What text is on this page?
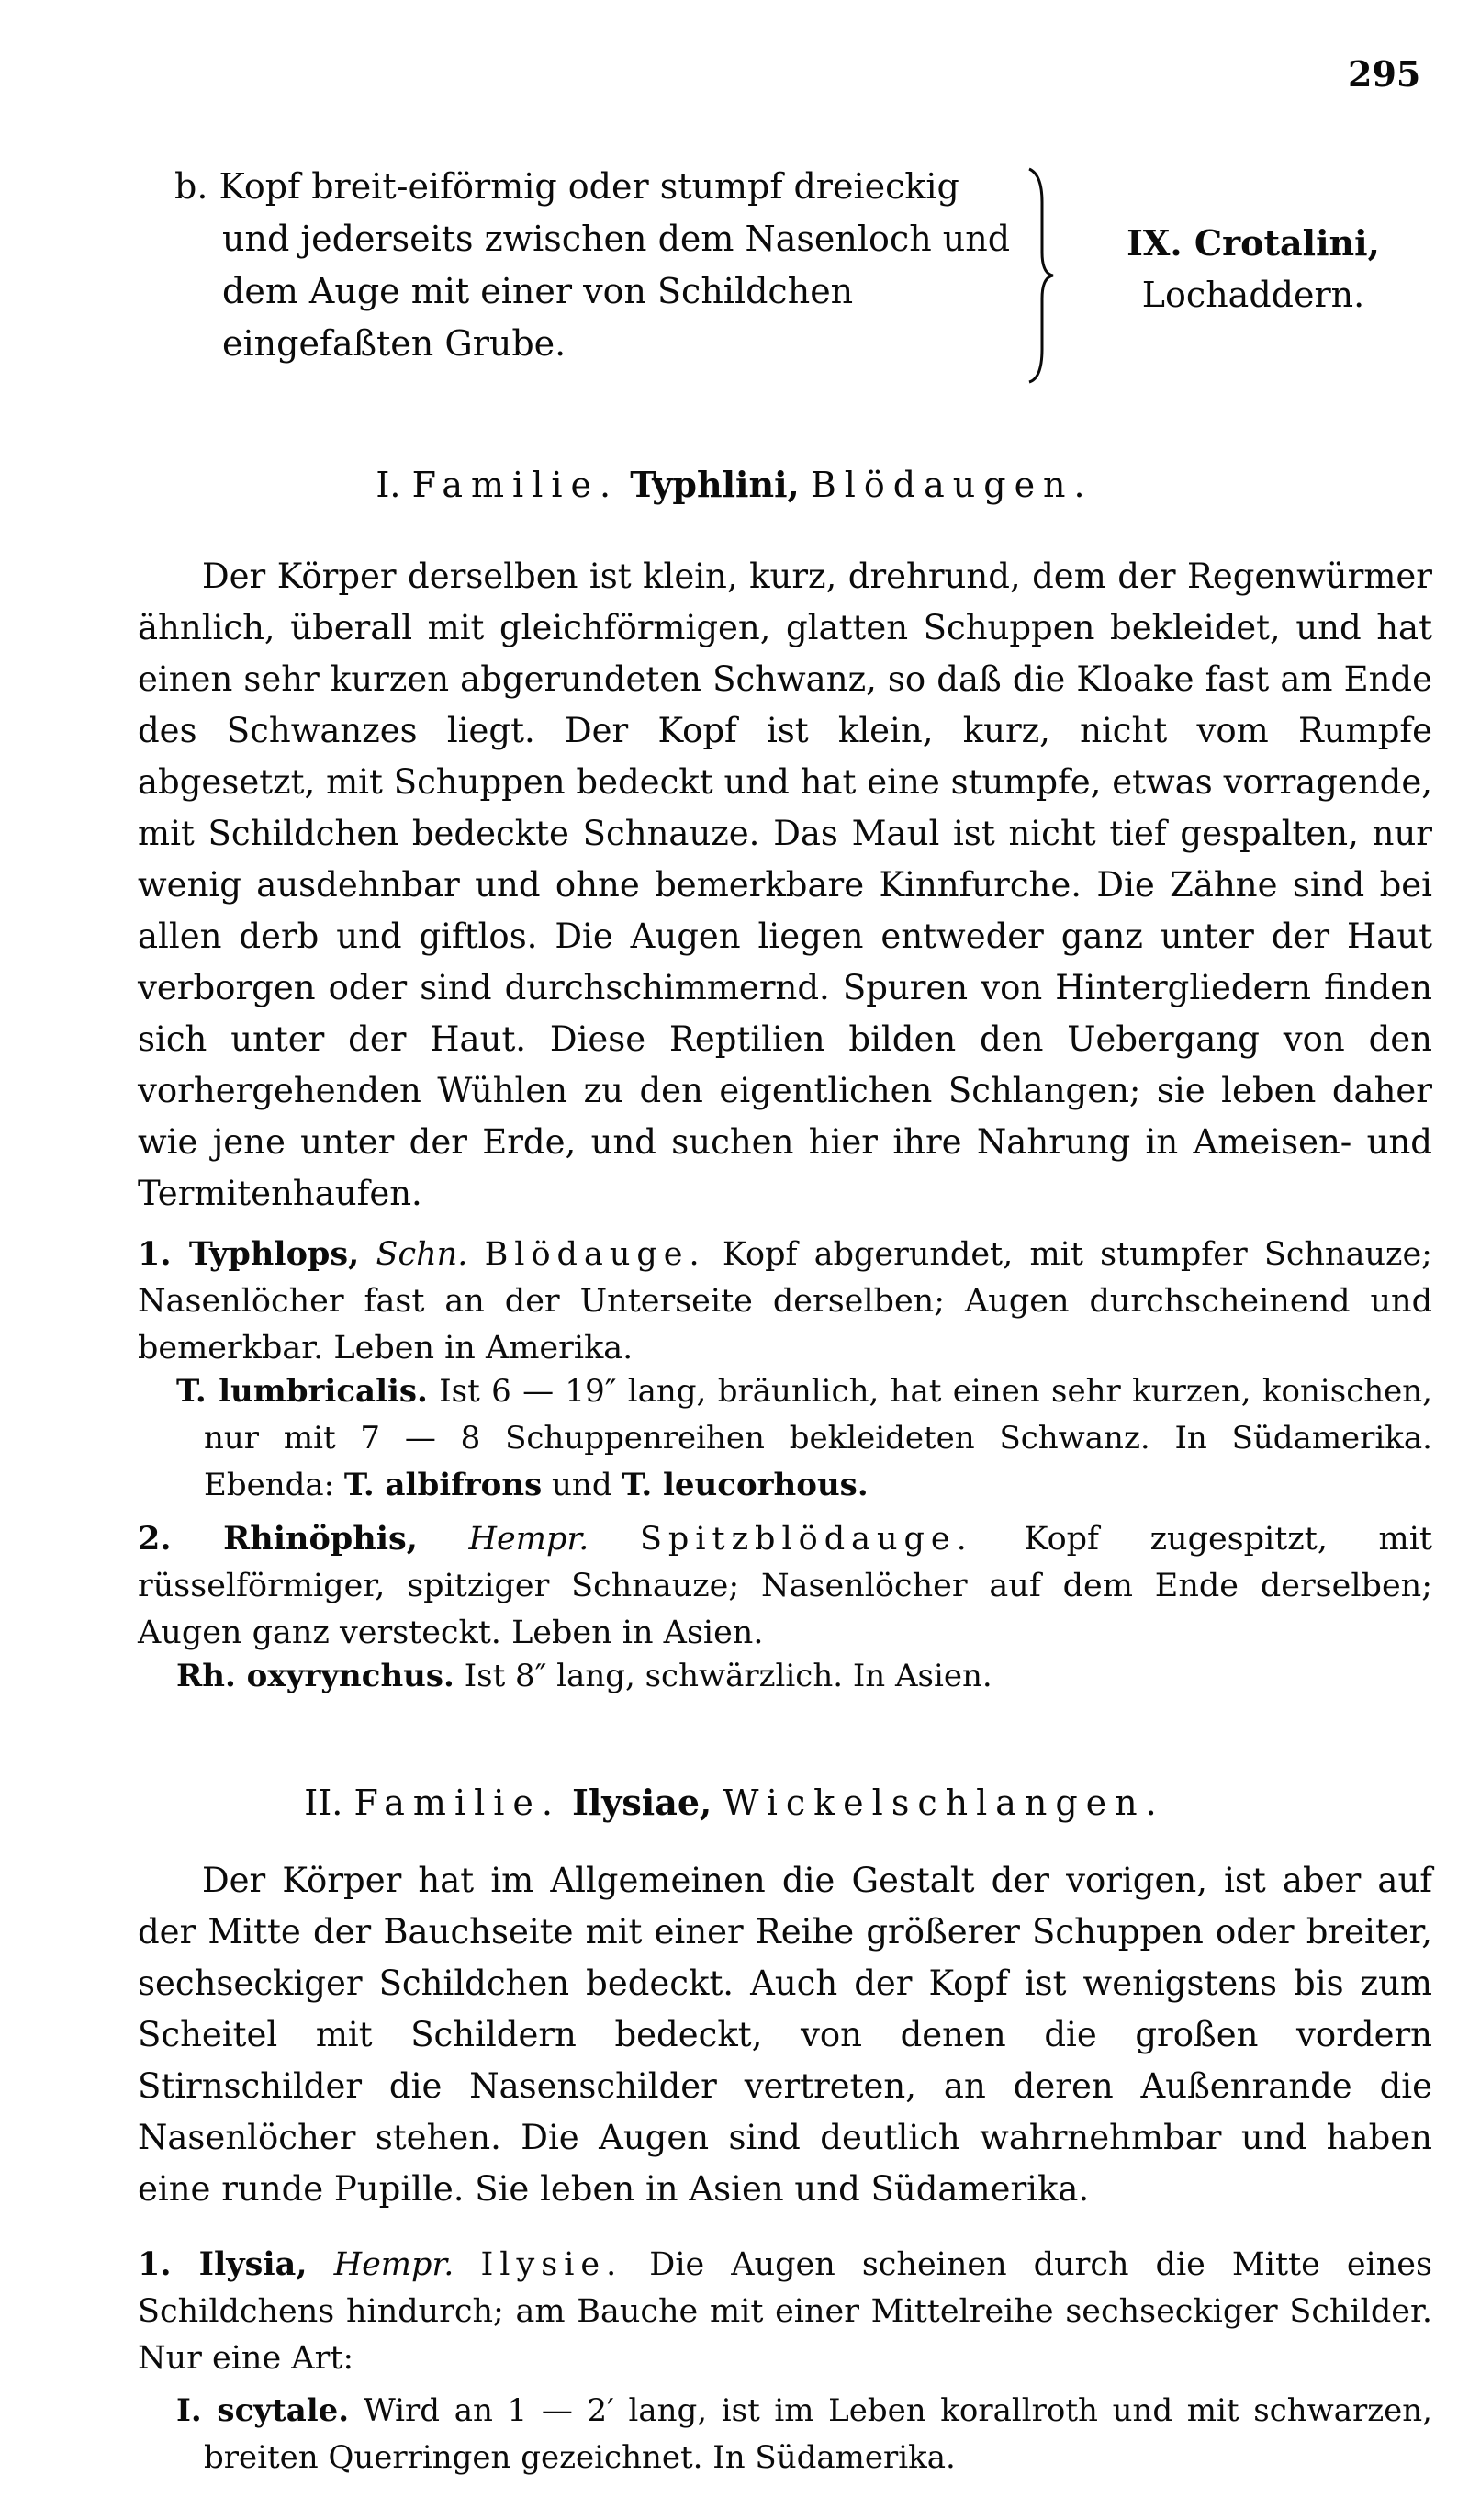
295

b. Kopf breit-eiförmig oder stumpf dreieckig und jederseits zwischen dem Nasenloch und dem Auge mit einer von Schildchen eingefaßten Grube.

IX. Crotalini,
Lochaddern.
I. Familie. Typhlini, Blödaugen.

Der Körper derselben ist klein, kurz, drehrund, dem der Regenwürmer ähnlich, überall mit gleichförmigen, glatten Schuppen bekleidet, und hat einen sehr kurzen abgerundeten Schwanz, so daß die Kloake fast am Ende des Schwanzes liegt. Der Kopf ist klein, kurz, nicht vom Rumpfe abgesetzt, mit Schuppen bedeckt und hat eine stumpfe, etwas vorragende, mit Schildchen bedeckte Schnauze. Das Maul ist nicht tief gespalten, nur wenig ausdehnbar und ohne bemerkbare Kinnfurche. Die Zähne sind bei allen derb und giftlos. Die Augen liegen entweder ganz unter der Haut verborgen oder sind durchschimmernd. Spuren von Hintergliedern finden sich unter der Haut. Diese Reptilien bilden den Uebergang von den vorhergehenden Wühlen zu den eigentlichen Schlangen; sie leben daher wie jene unter der Erde, und suchen hier ihre Nahrung in Ameisen- und Termitenhaufen.

1. Typhlops, Schn. Blödauge. Kopf abgerundet, mit stumpfer Schnauze; Nasenlöcher fast an der Unterseite derselben; Augen durchscheinend und bemerkbar. Leben in Amerika.

T. lumbricalis. Ist 6 — 19″ lang, bräunlich, hat einen sehr kurzen, konischen, nur mit 7 — 8 Schuppenreihen bekleideten Schwanz. In Südamerika. Ebenda: T. albifrons und T. leucorhous.

2. Rhinöphis, Hempr. Spitzblödauge. Kopf zugespitzt, mit rüsselförmiger, spitziger Schnauze; Nasenlöcher auf dem Ende derselben; Augen ganz versteckt. Leben in Asien.

Rh. oxyrynchus. Ist 8″ lang, schwärzlich. In Asien.

II. Familie. Ilysiae, Wickelschlangen.

Der Körper hat im Allgemeinen die Gestalt der vorigen, ist aber auf der Mitte der Bauchseite mit einer Reihe größerer Schuppen oder breiter, sechseckiger Schildchen bedeckt. Auch der Kopf ist wenigstens bis zum Scheitel mit Schildern bedeckt, von denen die großen vordern Stirnschilder die Nasenschilder vertreten, an deren Außenrande die Nasenlöcher stehen. Die Augen sind deutlich wahrnehmbar und haben eine runde Pupille. Sie leben in Asien und Südamerika.

1. Ilysia, Hempr. Ilysie. Die Augen scheinen durch die Mitte eines Schildchens hindurch; am Bauche mit einer Mittelreihe sechseckiger Schilder. Nur eine Art:

I. scytale. Wird an 1 — 2′ lang, ist im Leben korallroth und mit schwarzen, breiten Querringen gezeichnet. In Südamerika.
